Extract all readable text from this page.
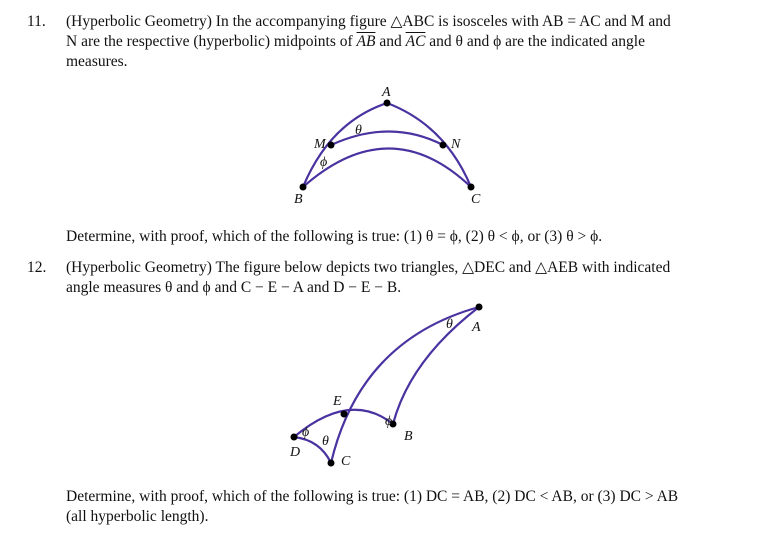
11. (Hyperbolic Geometry) In the accompanying figure △ABC is isosceles with AB = AC and M and
N are the respective (hyperbolic) midpoints of $\overline{AB}$ and $\overline{AC}$ and θ and ϕ are the indicated angle
measures.
A
M	N
B	C
θ
ϕ
A
E
D
C
B
θ
θ
ϕ
ϕ
Determine, with proof, which of the following is true: (1) θ = ϕ, (2) θ < ϕ, or (3) θ > ϕ.
12. (Hyperbolic Geometry) The figure below depicts two triangles, △DEC and △AEB with indicated
angle measures θ and ϕ and C − E − A and D − E − B.
Determine, with proof, which of the following is true: (1) DC = AB, (2) DC < AB, or (3) DC > AB
(all hyperbolic length).
